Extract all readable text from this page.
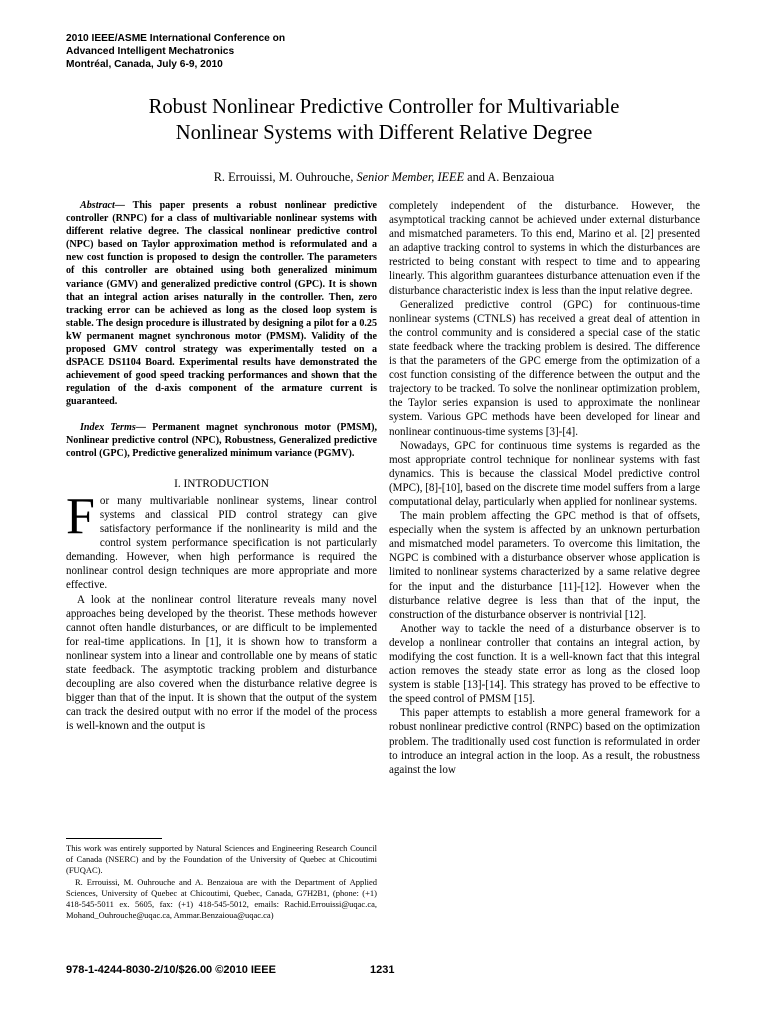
2010 IEEE/ASME International Conference on
Advanced Intelligent Mechatronics
Montréal, Canada, July 6-9, 2010
Robust Nonlinear Predictive Controller for Multivariable
Nonlinear Systems with Different Relative Degree
R. Errouissi, M. Ouhrouche, Senior Member, IEEE and A. Benzaioua

Abstract— This paper presents a robust nonlinear predictive controller (RNPC) for a class of multivariable nonlinear systems with different relative degree. The classical nonlinear predictive control (NPC) based on Taylor approximation method is reformulated and a new cost function is proposed to design the controller. The parameters of this controller are obtained using both generalized minimum variance (GMV) and generalized predictive control (GPC). It is shown that an integral action arises naturally in the controller. Then, zero tracking error can be achieved as long as the closed loop system is stable. The design procedure is illustrated by designing a pilot for a 0.25 kW permanent magnet synchronous motor (PMSM). Validity of the proposed GMV control strategy was experimentally tested on a dSPACE DS1104 Board. Experimental results have demonstrated the achievement of good speed tracking performances and shown that the regulation of the d-axis component of the armature current is guaranteed.

Index Terms— Permanent magnet synchronous motor (PMSM), Nonlinear predictive control (NPC), Robustness, Generalized predictive control (GPC), Predictive generalized minimum variance (PGMV).

I. INTRODUCTION

For many multivariable nonlinear systems, linear control systems and classical PID control strategy can give satisfactory performance if the nonlinearity is mild and the control system performance specification is not particularly demanding. However, when high performance is required the nonlinear control design techniques are more appropriate and more effective.

A look at the nonlinear control literature reveals many novel approaches being developed by the theorist. These methods however cannot often handle disturbances, or are difficult to be implemented for real-time applications. In [1], it is shown how to transform a nonlinear system into a linear and controllable one by means of static state feedback. The asymptotic tracking problem and disturbance decoupling are also covered when the disturbance relative degree is bigger than that of the input. It is shown that the output of the system can track the desired output with no error if the model of the process is well-known and the output is

completely independent of the disturbance. However, the asymptotical tracking cannot be achieved under external disturbance and mismatched parameters. To this end, Marino et al. [2] presented an adaptive tracking control to systems in which the disturbances are restricted to being constant with respect to time and to appearing linearly. This algorithm guarantees disturbance attenuation even if the disturbance characteristic index is less than the input relative degree.

Generalized predictive control (GPC) for continuous-time nonlinear systems (CTNLS) has received a great deal of attention in the control community and is considered a special case of the static state feedback where the tracking problem is desired. The difference is that the parameters of the GPC emerge from the optimization of a cost function consisting of the difference between the output and the trajectory to be tracked. To solve the nonlinear optimization problem, the Taylor series expansion is used to approximate the nonlinear system. Various GPC methods have been developed for linear and nonlinear continuous-time systems [3]-[4].

Nowadays, GPC for continuous time systems is regarded as the most appropriate control technique for nonlinear systems with fast dynamics. This is because the classical Model predictive control (MPC), [8]-[10], based on the discrete time model suffers from a large computational delay, particularly when applied for nonlinear systems.

The main problem affecting the GPC method is that of offsets, especially when the system is affected by an unknown perturbation and mismatched model parameters. To overcome this limitation, the NGPC is combined with a disturbance observer whose application is limited to nonlinear systems characterized by a same relative degree for the input and the disturbance [11]-[12]. However when the disturbance relative degree is less than that of the input, the construction of the disturbance observer is nontrivial [12].

Another way to tackle the need of a disturbance observer is to develop a nonlinear controller that contains an integral action, by modifying the cost function. It is a well-known fact that this integral action removes the steady state error as long as the closed loop system is stable [13]-[14]. This strategy has proved to be effective to the speed control of PMSM [15].

This paper attempts to establish a more general framework for a robust nonlinear predictive control (RNPC) based on the optimization problem. The traditionally used cost function is reformulated in order to introduce an integral action in the loop. As a result, the robustness against the low

This work was entirely supported by Natural Sciences and Engineering Research Council of Canada (NSERC) and by the Foundation of the University of Quebec at Chicoutimi (FUQAC).

R. Errouissi, M. Ouhrouche and A. Benzaioua are with the Department of Applied Sciences, University of Quebec at Chicoutimi, Quebec, Canada, G7H2B1, (phone: (+1) 418-545-5011 ex. 5605, fax: (+1) 418-545-5012, emails: Rachid.Errouissi@uqac.ca, Mohand_Ouhrouche@uqac.ca, Ammar.Benzaioua@uqac.ca)

978-1-4244-8030-2/10/$26.00 ©2010 IEEE	1231
